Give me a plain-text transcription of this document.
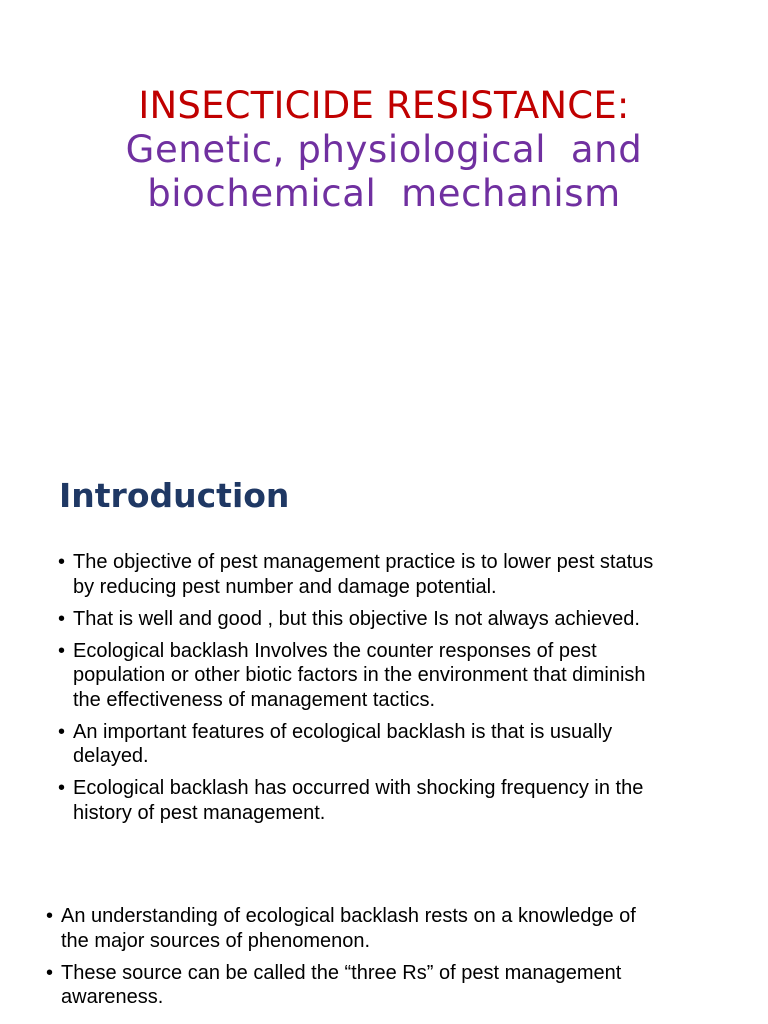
INSECTICIDE RESISTANCE:
Genetic, physiological  and
biochemical  mechanism
Introduction
• The objective of pest management practice is to lower pest status
by reducing pest number and damage potential.
• That is well and good , but this objective Is not always achieved.
• Ecological backlash Involves the counter responses of pest
population or other biotic factors in the environment that diminish
the effectiveness of management tactics.
• An important features of ecological backlash is that is usually
delayed.
• Ecological backlash has occurred with shocking frequency in the
history of pest management.
• An understanding of ecological backlash rests on a knowledge of
the major sources of phenomenon.
• These source can be called the “three Rs” of pest management
awareness.
